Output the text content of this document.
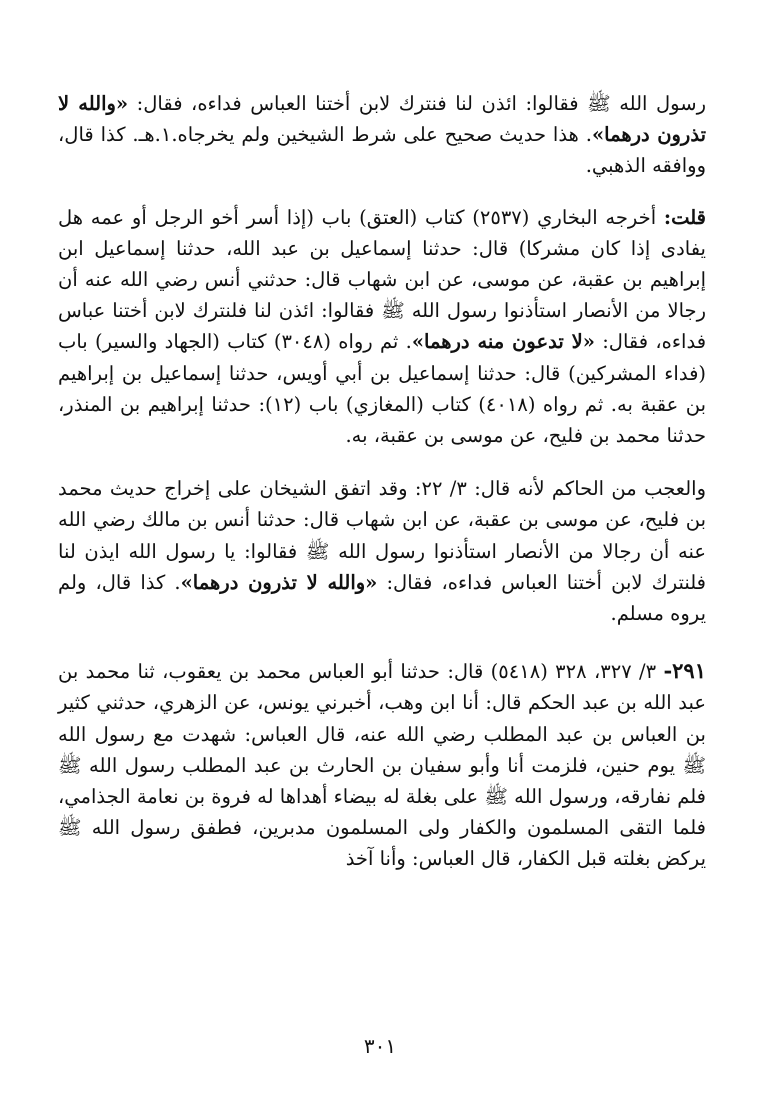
رسول الله ﷺ فقالوا: ائذن لنا فنترك لابن أختنا العباس فداءه، فقال: «والله لا تذرون درهما». هذا حديث صحيح على شرط الشيخين ولم يخرجاه.١.هـ. كذا قال، ووافقه الذهبي.

قلت: أخرجه البخاري (٢٥٣٧) كتاب (العتق) باب (إذا أسر أخو الرجل أو عمه هل يفادى إذا كان مشركا) قال: حدثنا إسماعيل بن عبد الله، حدثنا إسماعيل ابن إبراهيم بن عقبة، عن موسى، عن ابن شهاب قال: حدثني أنس رضي الله عنه أن رجالا من الأنصار استأذنوا رسول الله ﷺ فقالوا: ائذن لنا فلنترك لابن أختنا عباس فداءه، فقال: «لا تدعون منه درهما». ثم رواه (٣٠٤٨) كتاب (الجهاد والسير) باب (فداء المشركين) قال: حدثنا إسماعيل بن أبي أويس، حدثنا إسماعيل بن إبراهيم بن عقبة به. ثم رواه (٤٠١٨) كتاب (المغازي) باب (١٢): حدثنا إبراهيم بن المنذر، حدثنا محمد بن فليح، عن موسى بن عقبة، به.

والعجب من الحاكم لأنه قال: ٣/ ٢٢: وقد اتفق الشيخان على إخراج حديث محمد بن فليح، عن موسى بن عقبة، عن ابن شهاب قال: حدثنا أنس بن مالك رضي الله عنه أن رجالا من الأنصار استأذنوا رسول الله ﷺ فقالوا: يا رسول الله ايذن لنا فلنترك لابن أختنا العباس فداءه، فقال: «والله لا تذرون درهما». كذا قال، ولم يروه مسلم.

٢٩١- ٣/ ٣٢٧، ٣٢٨ (٥٤١٨) قال: حدثنا أبو العباس محمد بن يعقوب، ثنا محمد بن عبد الله بن عبد الحكم قال: أنا ابن وهب، أخبرني يونس، عن الزهري، حدثني كثير بن العباس بن عبد المطلب رضي الله عنه، قال العباس: شهدت مع رسول الله ﷺ يوم حنين، فلزمت أنا وأبو سفيان بن الحارث بن عبد المطلب رسول الله ﷺ فلم نفارقه، ورسول الله ﷺ على بغلة له بيضاء أهداها له فروة بن نعامة الجذامي، فلما التقى المسلمون والكفار ولى المسلمون مدبرين، فطفق رسول الله ﷺ يركض بغلته قبل الكفار، قال العباس: وأنا آخذ

٣٠١
